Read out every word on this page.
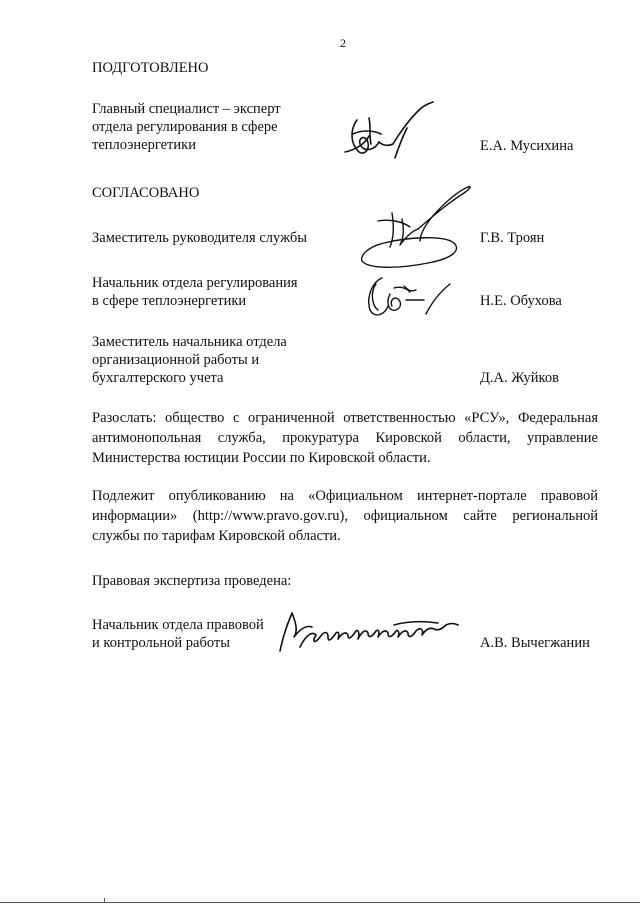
2
ПОДГОТОВЛЕНО
Главный специалист – эксперт
отдела регулирования в сфере
теплоэнергетики	Е.А. Мусихина
СОГЛАСОВАНО
Заместитель руководителя службы	Г.В. Троян
Начальник отдела регулирования
в сфере теплоэнергетики	Н.Е. Обухова
Заместитель начальника отдела
организационной работы и
бухгалтерского учета	Д.А. Жуйков
Разослать: общество с ограниченной ответственностью «РСУ», Федеральная
антимонопольная служба, прокуратура Кировской области, управление
Министерства юстиции России по Кировской области.
Подлежит опубликованию на «Официальном интернет-портале правовой
информации» (http://www.pravo.gov.ru), официальном сайте региональной
службы по тарифам Кировской области.
Правовая экспертиза проведена:
Начальник отдела правовой
и контрольной работы	А.В. Вычегжанин
